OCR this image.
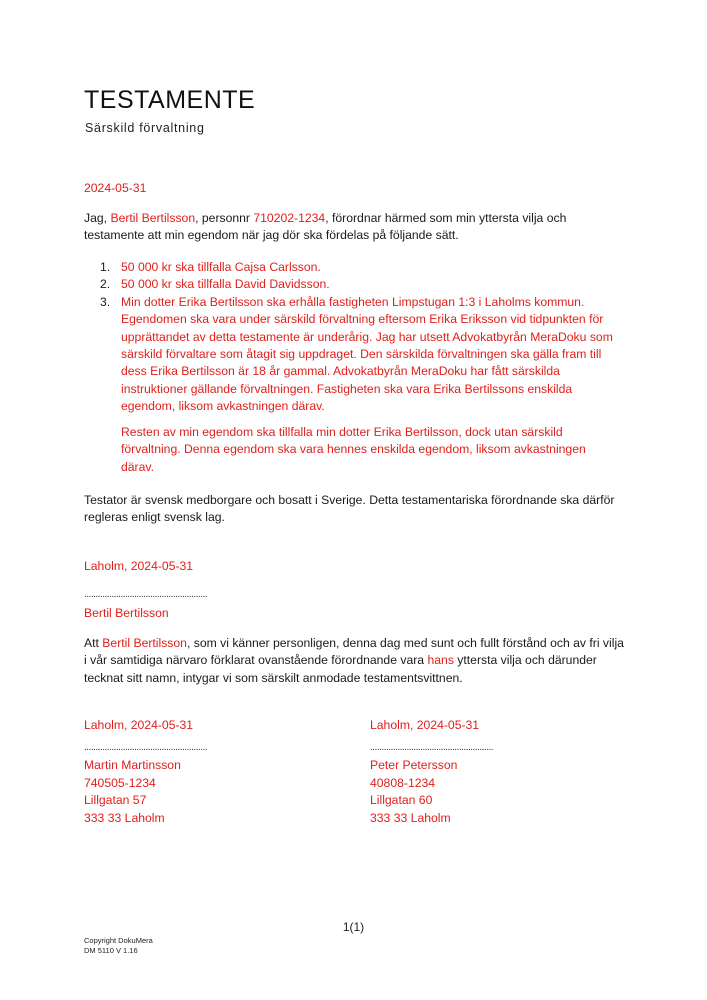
TESTAMENTE
Särskild förvaltning
2024-05-31
Jag, Bertil Bertilsson, personnr 710202-1234, förordnar härmed som min yttersta vilja och testamente att min egendom när jag dör ska fördelas på följande sätt.
1. 50 000 kr ska tillfalla Cajsa Carlsson.
2. 50 000 kr ska tillfalla David Davidsson.
3. Min dotter Erika Bertilsson ska erhålla fastigheten Limpstugan 1:3 i Laholms kommun. Egendomen ska vara under särskild förvaltning eftersom Erika Eriksson vid tidpunkten för upprättandet av detta testamente är underårig. Jag har utsett Advokatbyrån MeraDoku som särskild förvaltare som åtagit sig uppdraget. Den särskilda förvaltningen ska gälla fram till dess Erika Bertilsson är 18 år gammal. Advokatbyrån MeraDoku har fått särskilda instruktioner gällande förvaltningen. Fastigheten ska vara Erika Bertilssons enskilda egendom, liksom avkastningen därav.
Resten av min egendom ska tillfalla min dotter Erika Bertilsson, dock utan särskild förvaltning. Denna egendom ska vara hennes enskilda egendom, liksom avkastningen därav.
Testator är svensk medborgare och bosatt i Sverige. Detta testamentariska förordnande ska därför regleras enligt svensk lag.
Laholm, 2024-05-31
......................................................
Bertil Bertilsson
Att Bertil Bertilsson, som vi känner personligen, denna dag med sunt och fullt förstånd och av fri vilja i vår samtidiga närvaro förklarat ovanstående förordnande vara hans yttersta vilja och därunder tecknat sitt namn, intygar vi som särskilt anmodade testamentsvittnen.
Laholm, 2024-05-31
......................................................
Martin Martinsson
740505-1234
Lillgatan 57
333 33 Laholm
Laholm, 2024-05-31
......................................................
Peter Petersson
40808-1234
Lillgatan 60
333 33 Laholm
1(1)
Copyright DokuMera
DM 5110 V 1.16
